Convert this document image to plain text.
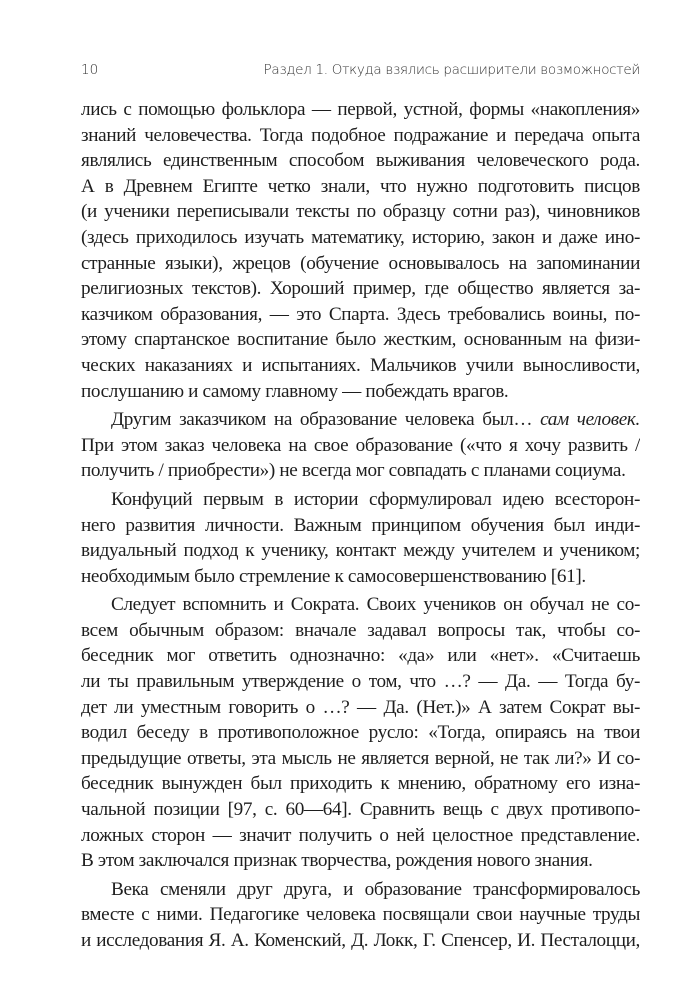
10	Раздел 1. Откуда взялись расширители возможностей
лись с помощью фольклора — первой, устной, формы «накопления»
знаний человечества. Тогда подобное подражание и передача опыта
являлись единственным способом выживания человеческого рода.
А в Древнем Египте четко знали, что нужно подготовить писцов
(и ученики переписывали тексты по образцу сотни раз), чиновников
(здесь приходилось изучать математику, историю, закон и даже ино-
странные языки), жрецов (обучение основывалось на запоминании
религиозных текстов). Хороший пример, где общество является за-
казчиком образования, — это Спарта. Здесь требовались воины, по-
этому спартанское воспитание было жестким, основанным на физи-
ческих наказаниях и испытаниях. Мальчиков учили выносливости,
послушанию и самому главному — побеждать врагов.
Другим заказчиком на образование человека был… сам человек.
При этом заказ человека на свое образование («что я хочу развить /
получить / приобрести») не всегда мог совпадать с планами социума.
Конфуций первым в истории сформулировал идею всесторон-
него развития личности. Важным принципом обучения был инди-
видуальный подход к ученику, контакт между учителем и учеником;
необходимым было стремление к самосовершенствованию [61].
Следует вспомнить и Сократа. Своих учеников он обучал не со-
всем обычным образом: вначале задавал вопросы так, чтобы со-
беседник мог ответить однозначно: «да» или «нет». «Считаешь
ли ты правильным утверждение о том, что …? — Да. — Тогда бу-
дет ли уместным говорить о …? — Да. (Нет.)» А затем Сократ вы-
водил беседу в противоположное русло: «Тогда, опираясь на твои
предыдущие ответы, эта мысль не является верной, не так ли?» И со-
беседник вынужден был приходить к мнению, обратному его изна-
чальной позиции [97, с. 60—64]. Сравнить вещь с двух противопо-
ложных сторон — значит получить о ней целостное представление.
В этом заключался признак творчества, рождения нового знания.
Века сменяли друг друга, и образование трансформировалось
вместе с ними. Педагогике человека посвящали свои научные труды
и исследования Я. А. Коменский, Д. Локк, Г. Спенсер, И. Песталоцци,
